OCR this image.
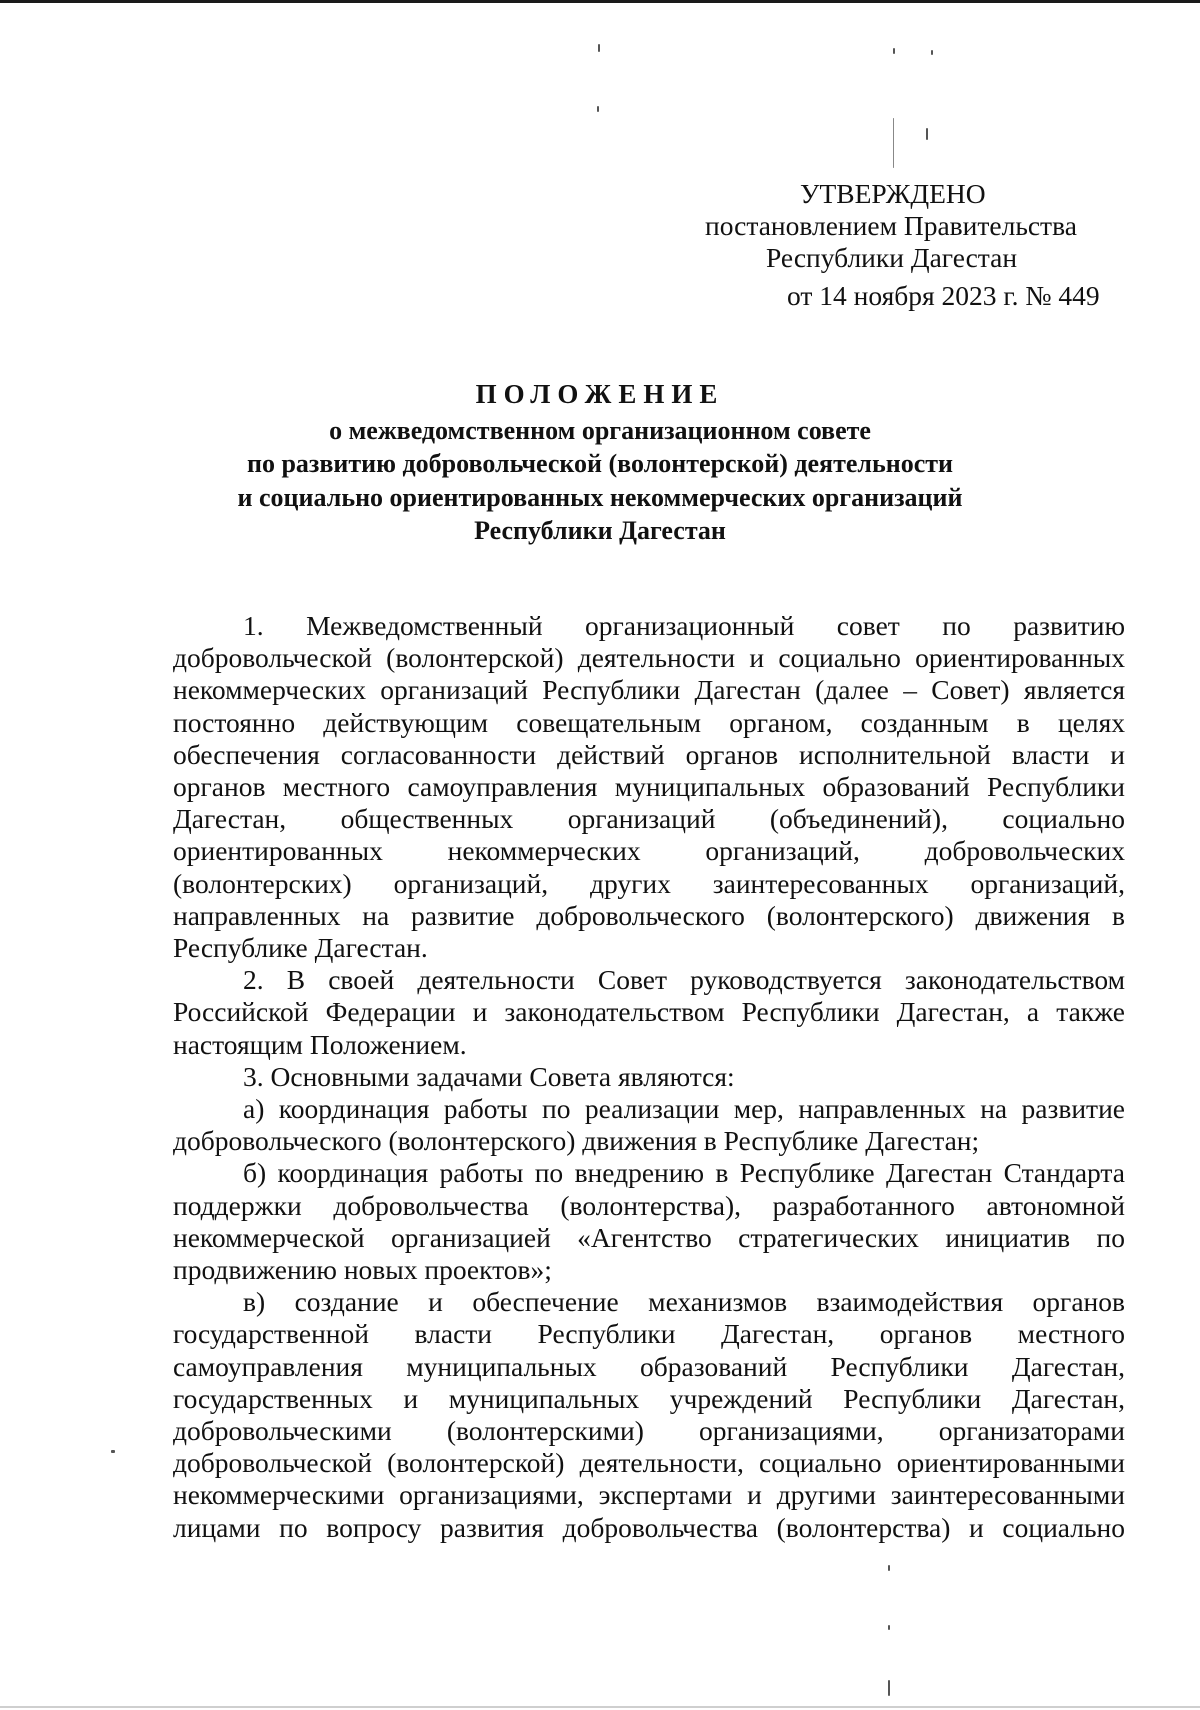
УТВЕРЖДЕНО
постановлением Правительства
Республики Дагестан
от 14 ноября 2023 г. № 449
ПОЛОЖЕНИЕ
о межведомственном организационном совете
по развитию добровольческой (волонтерской) деятельности
и социально ориентированных некоммерческих организаций
Республики Дагестан

1. Межведомственный организационный совет по развитию добровольческой (волонтерской) деятельности и социально ориентированных некоммерческих организаций Республики Дагестан (далее – Совет) является постоянно действующим совещательным органом, созданным в целях обеспечения согласованности действий органов исполнительной власти и органов местного самоуправления муниципальных образований Республики Дагестан, общественных организаций (объединений), социально ориентированных некоммерческих организаций, добровольческих (волонтерских) организаций, других заинтересованных организаций, направленных на развитие добровольческого (волонтерского) движения в Республике Дагестан.

2. В своей деятельности Совет руководствуется законодательством Российской Федерации и законодательством Республики Дагестан, а также настоящим Положением.

3. Основными задачами Совета являются:

а) координация работы по реализации мер, направленных на развитие добровольческого (волонтерского) движения в Республике Дагестан;

б) координация работы по внедрению в Республике Дагестан Стандарта поддержки добровольчества (волонтерства), разработанного автономной некоммерческой организацией «Агентство стратегических инициатив по продвижению новых проектов»;

в) создание и обеспечение механизмов взаимодействия органов государственной власти Республики Дагестан, органов местного самоуправления муниципальных образований Республики Дагестан, государственных и муниципальных учреждений Республики Дагестан, добровольческими (волонтерскими) организациями, организаторами добровольческой (волонтерской) деятельности, социально ориентированными некоммерческими организациями, экспертами и другими заинтересованными лицами по вопросу развития добровольчества (волонтерства) и социально
